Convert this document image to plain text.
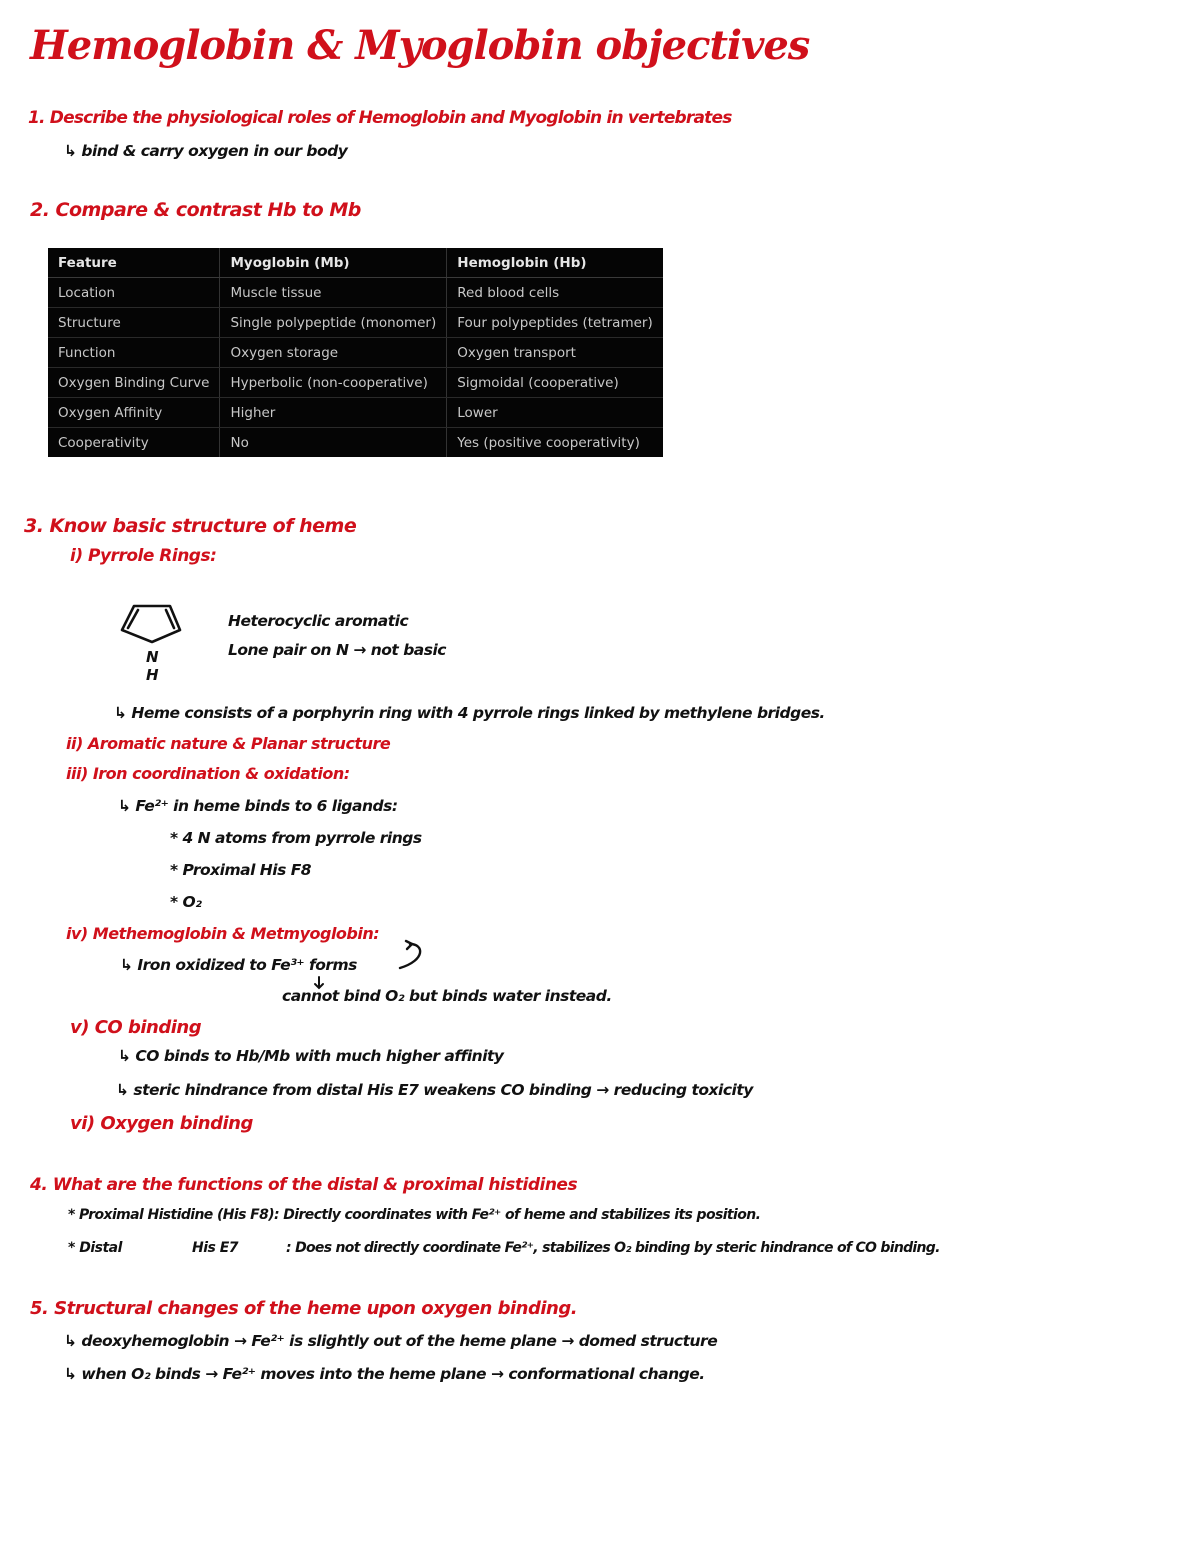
Hemoglobin & Myoglobin objectives
1. Describe the physiological roles of Hemoglobin and Myoglobin in vertebrates
↳ bind & carry oxygen in our body
2. Compare & contrast Hb to Mb
Feature	Myoglobin (Mb)	Hemoglobin (Hb)
Location	Muscle tissue	Red blood cells
Structure	Single polypeptide (monomer)	Four polypeptides (tetramer)
Function	Oxygen storage	Oxygen transport
Oxygen Binding Curve	Hyperbolic (non-cooperative)	Sigmoidal (cooperative)
Oxygen Affinity	Higher	Lower
Cooperativity	No	Yes (positive cooperativity)
3. Know basic structure of heme
i) Pyrrole Rings:
N
H
Heterocyclic aromatic
Lone pair on N → not basic
↳ Heme consists of a porphyrin ring with 4 pyrrole rings linked by methylene bridges.
ii) Aromatic nature & Planar structure
iii) Iron coordination & oxidation:
↳ Fe²⁺ in heme binds to 6 ligands:
* 4 N atoms from pyrrole rings
* Proximal His F8
* O₂
iv) Methemoglobin & Metmyoglobin:
↳ Iron oxidized to Fe³⁺ forms
cannot bind O₂ but binds water instead.
v) CO binding
↳ CO binds to Hb/Mb with much higher affinity
↳ steric hindrance from distal His E7 weakens CO binding → reducing toxicity
vi) Oxygen binding
4. What are the functions of the distal & proximal histidines
* Proximal Histidine (His F8): Directly coordinates with Fe²⁺ of heme and stabilizes its position.
* Distal	His E7	: Does not directly coordinate Fe²⁺, stabilizes O₂ binding by steric hindrance of CO binding.
5. Structural changes of the heme upon oxygen binding.
↳ deoxyhemoglobin → Fe²⁺ is slightly out of the heme plane → domed structure
↳ when O₂ binds → Fe²⁺ moves into the heme plane → conformational change.
